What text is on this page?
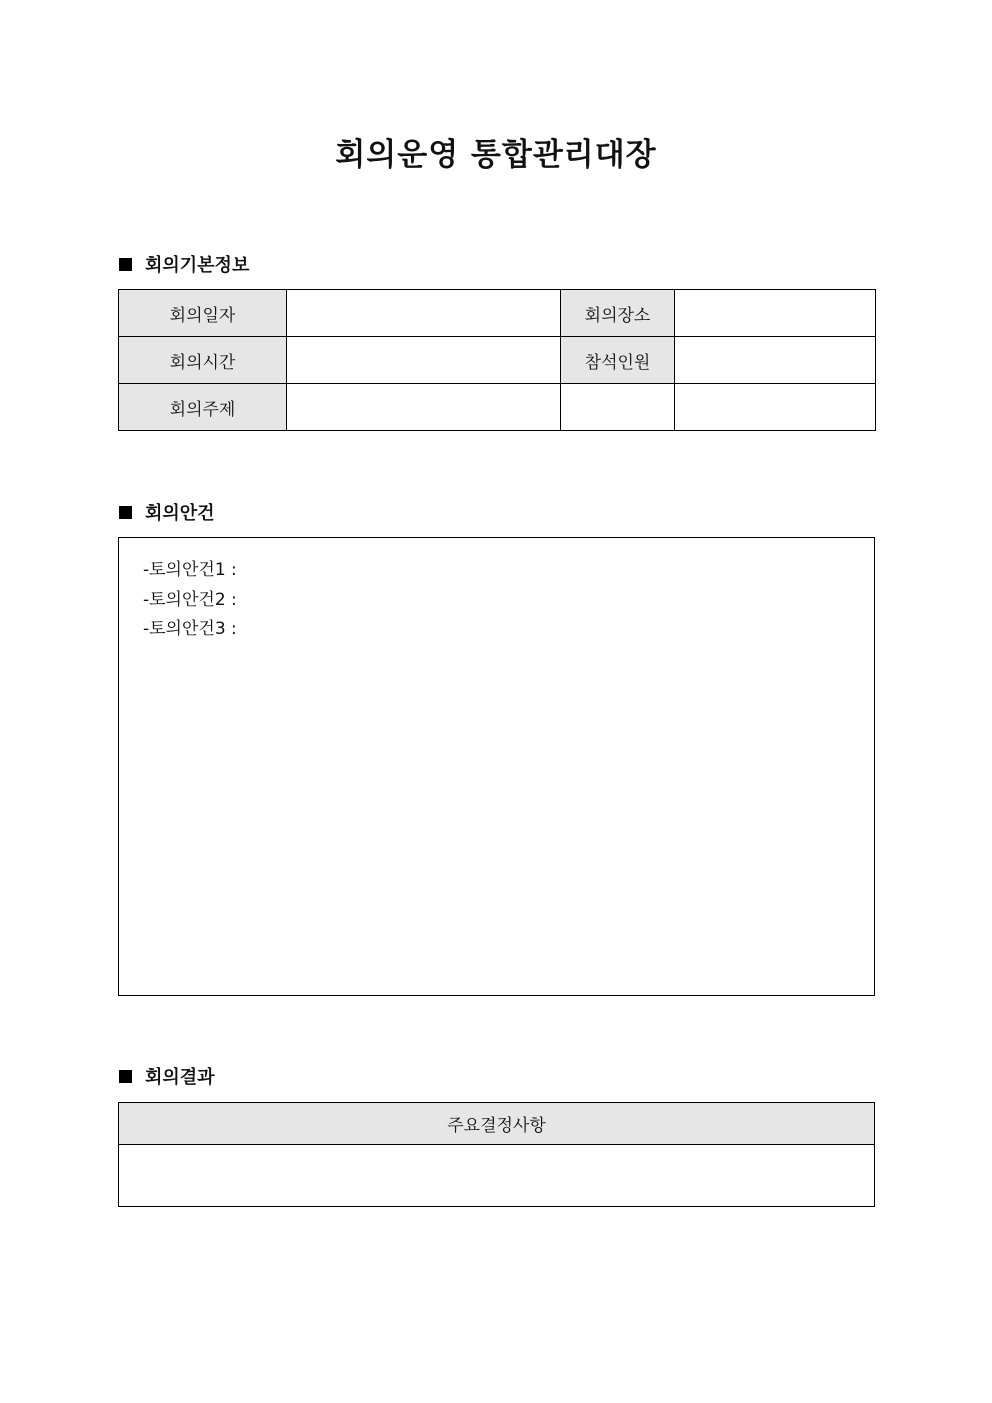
회의운영 통합관리대장
회의기본정보
회의일자		회의장소	
회의시간		참석인원	
회의주제			
회의안건
-토의안건1 :
-토의안건2 :
-토의안건3 :
회의결과
주요결정사항
